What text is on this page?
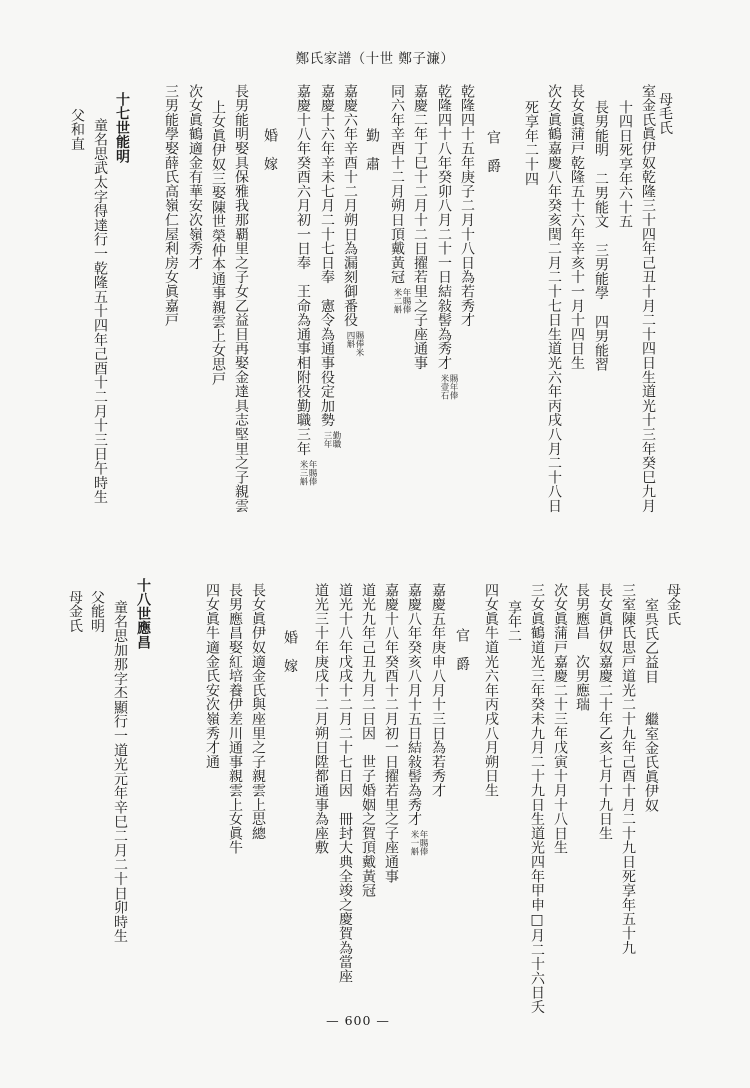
鄭氏家譜（十世 鄭子濂）
母毛氏
室金氏眞伊奴乾隆三十四年己丑十月二十四日生道光十三年癸巳九月
十四日死享年六十五
長男能明　二男能文　三男能學　四男能習
長女眞蒲戸乾隆五十六年辛亥十一月十四日生
次女眞鶴嘉慶八年癸亥閏二月二十七日生道光六年丙戌八月二十八日
死享年二十四
官　爵
乾隆四十五年庚子二月十八日為若秀才
乾隆四十八年癸卯八月二十一日結敍髻為秀才
賜年俸
米壹石
嘉慶二年丁巳十二月十二日擢若里之子座通事
同六年辛酉十二月朔日頂戴黃冠
年賜俸
米二斛
勤　肅
嘉慶六年辛酉十二月朔日為漏刻御番役
賜俸米
四斛
嘉慶十六年辛未七月二十七日奉　憲令為通事役定加勢
勤職
三年
嘉慶十八年癸酉六月初一日奉　王命為通事相附役勤職三年
年賜俸
米三斛
婚　嫁
長男能明娶具保雅我那覇里之子女乙益目再娶金達具志堅里之子親雲
上女眞伊奴三娶陳世榮仲本通事親雲上女思戸
次女眞鶴適金有華安次嶺秀才
三男能學娶薛氏高嶺仁屋利房女眞嘉戸
十七世能明
童名思武太字得達行一乾隆五十四年己酉十二月十三日午時生
父和直
母金氏
室呉氏乙益目　　繼室金氏眞伊奴
三室陳氏思戸道光二十九年己酉十月二十九日死享年五十九
長女眞伊奴嘉慶二十年乙亥七月十九日生
長男應昌　次男應瑞
次女眞蒲戸嘉慶二十三年戊寅十月十八日生
三女眞鶴道光三年癸未九月二十九日生道光四年甲申□月二十六日夭
享年二
四女眞牛道光六年丙戌八月朔日生
官　爵
嘉慶五年庚申八月十三日為若秀才
嘉慶八年癸亥八月十五日結敍髻為秀才
年賜俸
米一斛
嘉慶十八年癸酉十二月初一日擢若里之子座通事
道光九年己丑九月二日因　世子婚姻之賀頂戴黃冠
道光十八年戊戌十二月二十七日因　冊封大典全竣之慶賀為當座
道光三十年庚戌十二月朔日陞都通事為座敷
婚　嫁
長女眞伊奴適金氏與座里之子親雲上思總
長男應昌娶紅培養伊差川通事親雲上女眞牛
四女眞牛適金氏安次嶺秀才通
十八世應昌
童名思加那字丕顯行一道光元年辛巳二月二十日卯時生
父能明
母金氏
— 600 —
